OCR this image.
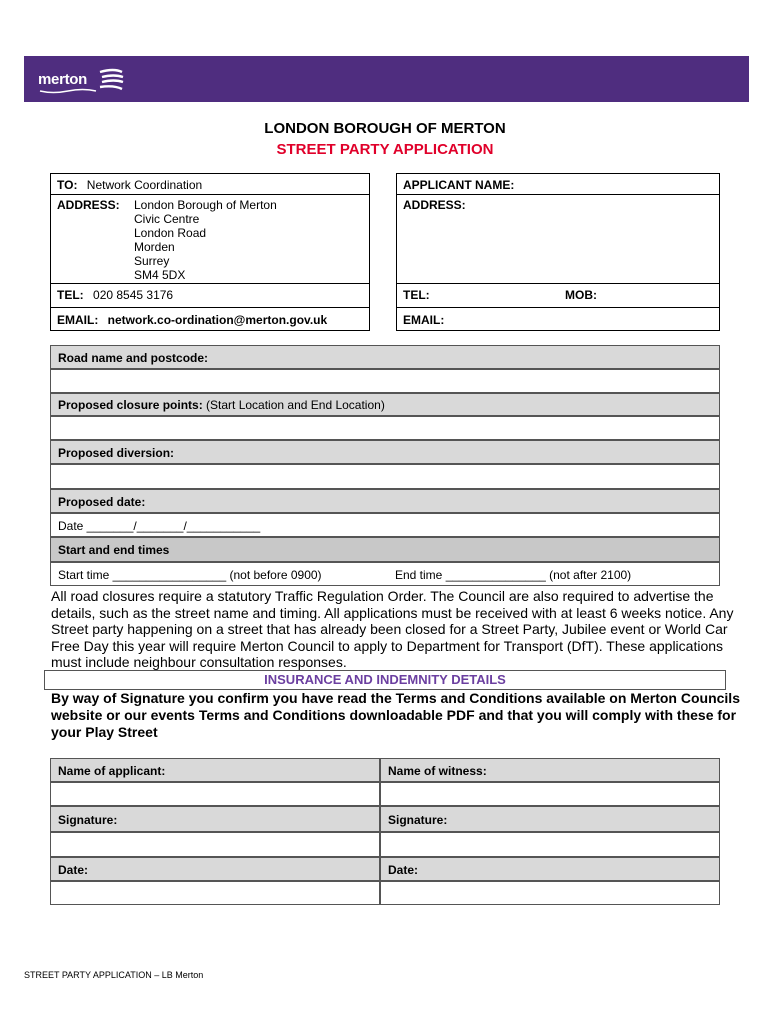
merton
LONDON BOROUGH OF MERTON
STREET PARTY APPLICATION
TO: Network Coordination
ADDRESS: London Borough of Merton
Civic Centre
London Road
Morden
Surrey
SM4 5DX
TEL: 020 8545 3176
EMAIL: network.co-ordination@merton.gov.uk
APPLICANT NAME:
ADDRESS:
TEL:	MOB:
EMAIL:
Road name and postcode:
Proposed closure points: (Start Location and End Location)
Proposed diversion:
Proposed date:
Date _______/_______/___________
Start and end times
Start time _________________ (not before 0900)	End time _______________ (not after 2100)
All road closures require a statutory Traffic Regulation Order. The Council are also required to advertise the details, such as the street name and timing. All applications must be received with at least 6 weeks notice. Any Street party happening on a street that has already been closed for a Street Party, Jubilee event or World Car Free Day this year will require Merton Council to apply to Department for Transport (DfT). These applications must include neighbour consultation responses.
INSURANCE AND INDEMNITY DETAILS
By way of Signature you confirm you have read the Terms and Conditions available on Merton Councils website or our events Terms and Conditions downloadable PDF and that you will comply with these for your Play Street
Name of applicant:	Name of witness:
Signature:	Signature:
Date:	Date:
STREET PARTY APPLICATION – LB Merton
